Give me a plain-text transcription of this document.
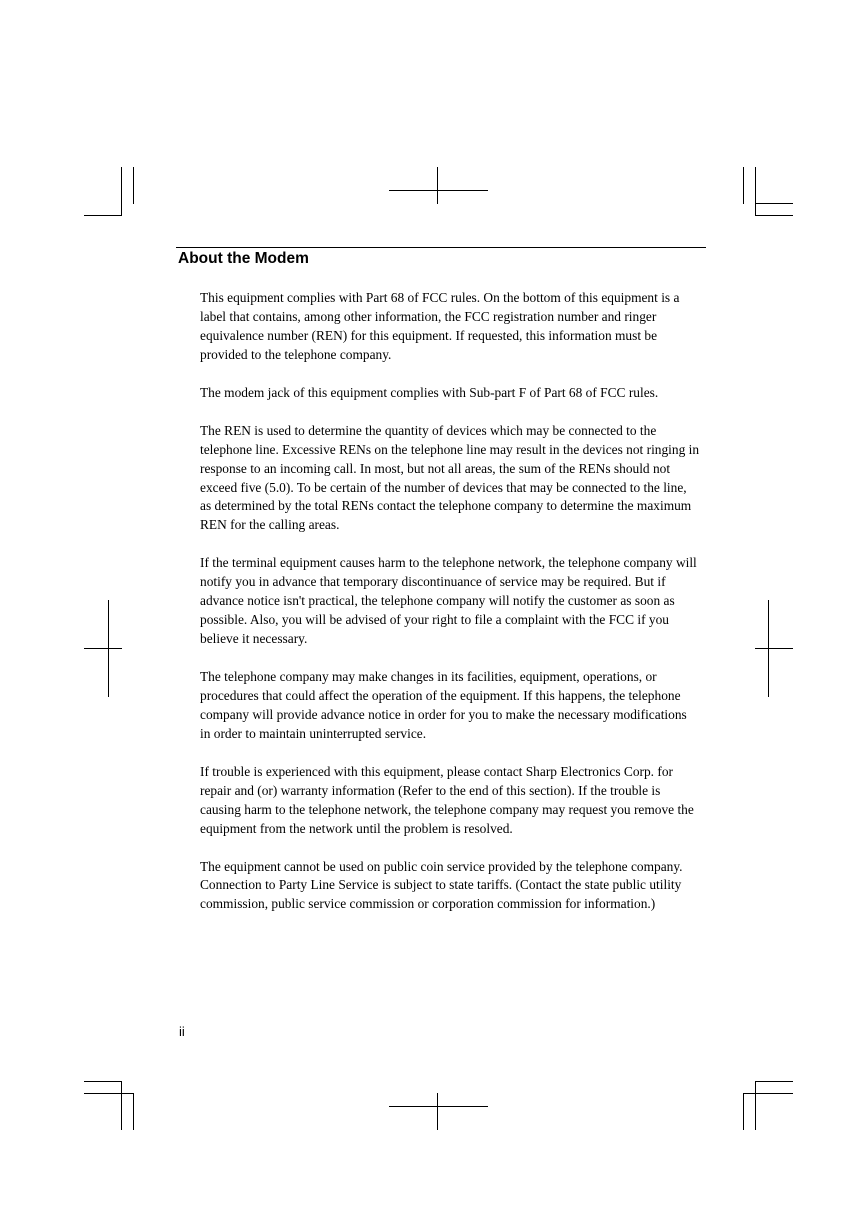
About the Modem

This equipment complies with Part 68 of FCC rules. On the bottom of this equipment is a label that contains, among other information, the FCC registration number and ringer equivalence number (REN) for this equipment. If requested, this information must be provided to the telephone company.

The modem jack of this equipment complies with Sub-part F of Part 68 of FCC rules.

The REN is used to determine the quantity of devices which may be connected to the telephone line. Excessive RENs on the telephone line may result in the devices not ringing in response to an incoming call. In most, but not all areas, the sum of the RENs should not exceed five (5.0). To be certain of the number of devices that may be connected to the line, as determined by the total RENs contact the telephone company to determine the maximum REN for the calling areas.

If the terminal equipment causes harm to the telephone network, the telephone company will notify you in advance that temporary discontinuance of service may be required. But if advance notice isn't practical, the telephone company will notify the customer as soon as possible. Also, you will be advised of your right to file a complaint with the FCC if you believe it necessary.

The telephone company may make changes in its facilities, equipment, operations, or procedures that could affect the operation of the equipment. If this happens, the telephone company will provide advance notice in order for you to make the necessary modifications in order to maintain uninterrupted service.

If trouble is experienced with this equipment, please contact Sharp Electronics Corp. for repair and (or) warranty information (Refer to the end of this section). If the trouble is causing harm to the telephone network, the telephone company may request you remove the equipment from the network until the problem is resolved.

The equipment cannot be used on public coin service provided by the telephone company. Connection to Party Line Service is subject to state tariffs. (Contact the state public utility commission, public service commission or corporation commission for information.)

ii
